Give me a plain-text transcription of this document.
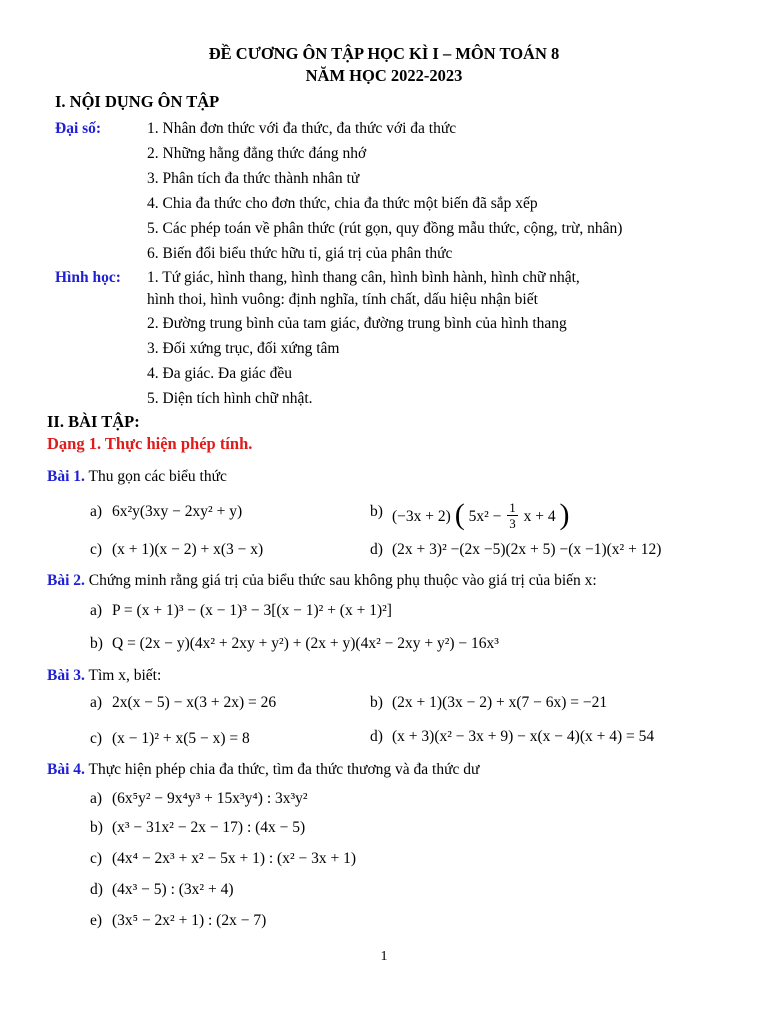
ĐỀ CƯƠNG ÔN TẬP HỌC KÌ I – MÔN TOÁN 8
NĂM HỌC 2022-2023
I. NỘI DỤNG ÔN TẬP
Đại số:	1. Nhân đơn thức với đa thức, đa thức với đa thức
2. Những hằng đẳng thức đáng nhớ
3. Phân tích đa thức thành nhân tử
4. Chia đa thức cho đơn thức, chia đa thức một biến đã sắp xếp
5. Các phép toán về phân thức (rút gọn, quy đồng mẫu thức, cộng, trừ, nhân)
6. Biến đổi biểu thức hữu tỉ, giá trị của phân thức
Hình học: 1. Tứ giác, hình thang, hình thang cân, hình bình hành, hình chữ nhật,
hình thoi, hình vuông: định nghĩa, tính chất, dấu hiệu nhận biết
2. Đường trung bình của tam giác, đường trung bình của hình thang
3. Đối xứng trục, đối xứng tâm
4. Đa giác. Đa giác đều
5. Diện tích hình chữ nhật.
II. BÀI TẬP:
Dạng 1. Thực hiện phép tính.
Bài 1. Thu gọn các biểu thức
a) 6x²y(3xy − 2xy² + y)	b) (−3x + 2) ( $5x^2 - \frac{1}{3}$ x + 4 )
c) (x + 1)(x − 2) + x(3 − x)	d) (2x + 3)² −(2x −5)(2x + 5) −(x −1)(x² + 12)
Bài 2. Chứng minh rằng giá trị của biểu thức sau không phụ thuộc vào giá trị của biến x:
a) P = (x + 1)³ − (x − 1)³ − 3[(x − 1)² + (x + 1)²]
b) Q = (2x − y)(4x² + 2xy + y²) + (2x + y)(4x² − 2xy + y²) − 16x³
Bài 3. Tìm x, biết:
a) 2x(x − 5) − x(3 + 2x) = 26	b) (2x + 1)(3x − 2) + x(7 − 6x) = −21
c) (x − 1)² + x(5 − x) = 8	d) (x + 3)(x² − 3x + 9) − x(x − 4)(x + 4) = 54
Bài 4. Thực hiện phép chia đa thức, tìm đa thức thương và đa thức dư
a) (6x⁵y² − 9x⁴y³ + 15x³y⁴) : 3x³y²
b) (x³ − 31x² − 2x − 17) : (4x − 5)
c) (4x⁴ − 2x³ + x² − 5x + 1) : (x² − 3x + 1)
d) (4x³ − 5) : (3x² + 4)
e) (3x⁵ − 2x² + 1) : (2x − 7)
1
